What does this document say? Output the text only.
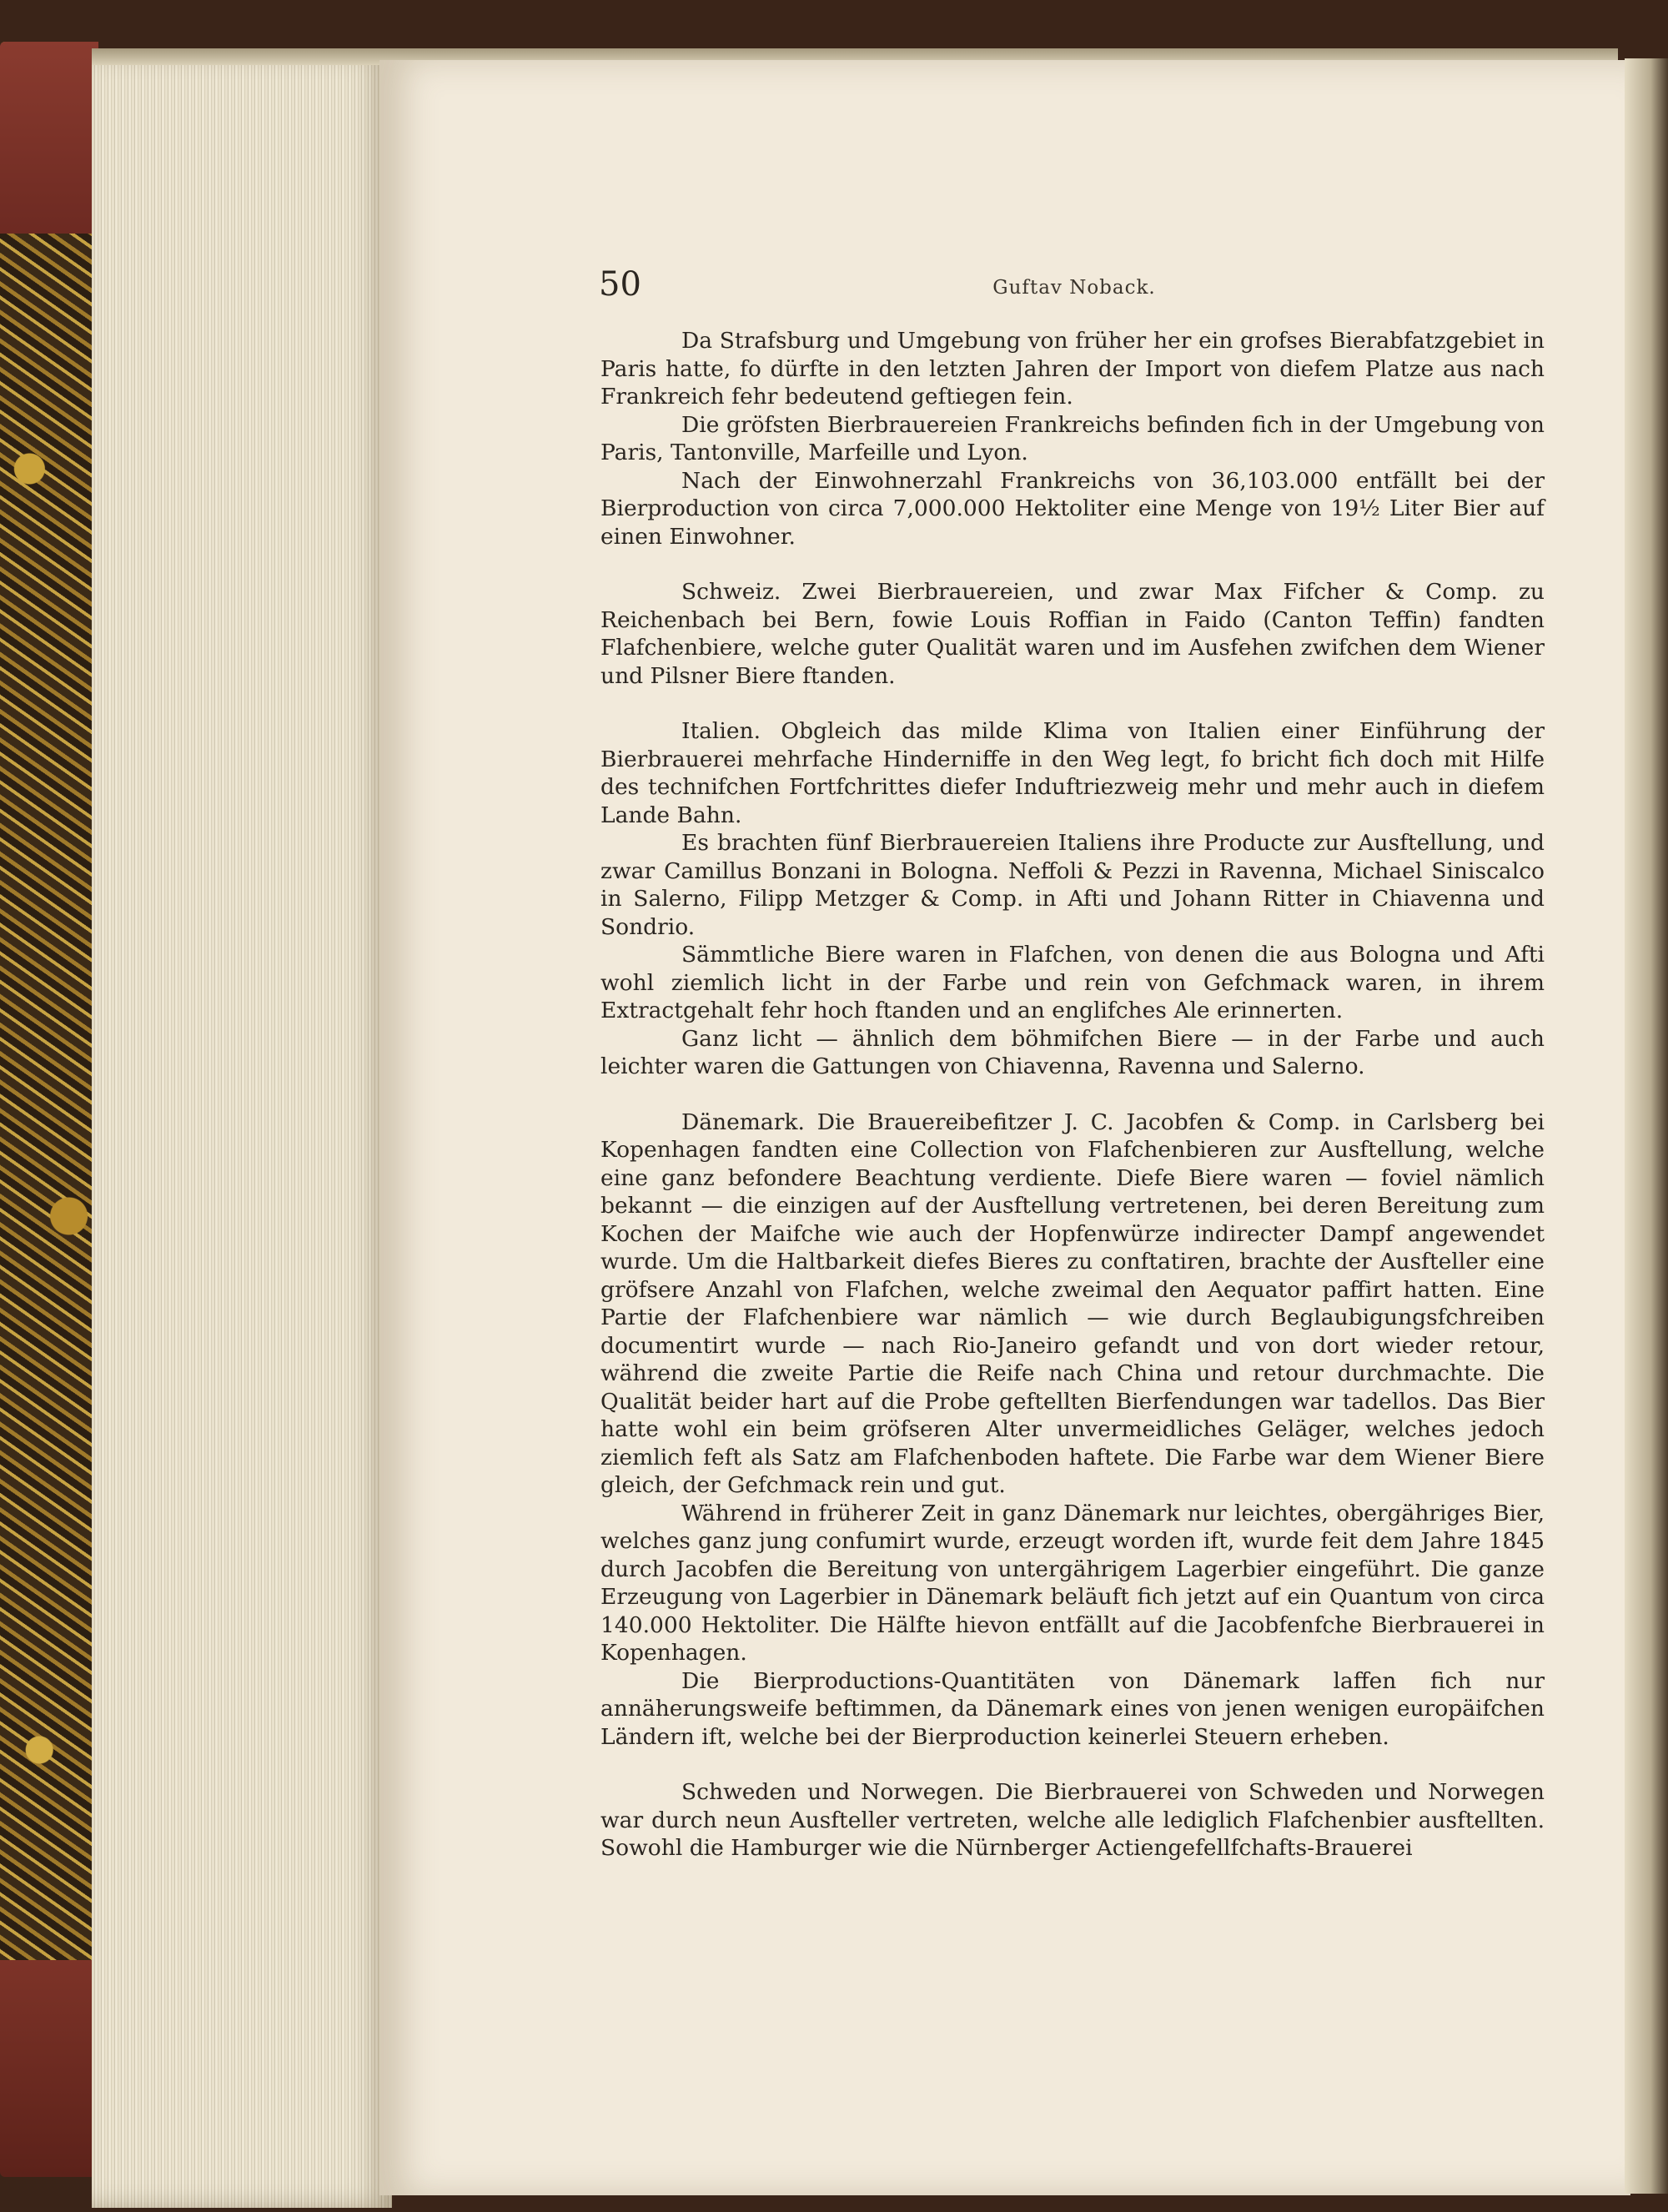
50	Guftav Noback.

Da Strafsburg und Umgebung von früher her ein grofses Bierabfatzgebiet in Paris hatte, fo dürfte in den letzten Jahren der Import von diefem Platze aus nach Frankreich fehr bedeutend geftiegen fein.

Die gröfsten Bierbrauereien Frankreichs befinden fich in der Umgebung von Paris, Tantonville, Marfeille und Lyon.

Nach der Einwohnerzahl Frankreichs von 36,103.000 entfällt bei der Bierproduction von circa 7,000.000 Hektoliter eine Menge von 19½ Liter Bier auf einen Einwohner.

Schweiz. Zwei Bierbrauereien, und zwar Max Fifcher & Comp. zu Reichenbach bei Bern, fowie Louis Roffian in Faido (Canton Teffin) fandten Flafchenbiere, welche guter Qualität waren und im Ausfehen zwifchen dem Wiener und Pilsner Biere ftanden.

Italien. Obgleich das milde Klima von Italien einer Einführung der Bierbrauerei mehrfache Hinderniffe in den Weg legt, fo bricht fich doch mit Hilfe des technifchen Fortfchrittes diefer Induftriezweig mehr und mehr auch in diefem Lande Bahn.

Es brachten fünf Bierbrauereien Italiens ihre Producte zur Ausftellung, und zwar Camillus Bonzani in Bologna. Neffoli & Pezzi in Ravenna, Michael Siniscalco in Salerno, Filipp Metzger & Comp. in Afti und Johann Ritter in Chiavenna und Sondrio.

Sämmtliche Biere waren in Flafchen, von denen die aus Bologna und Afti wohl ziemlich licht in der Farbe und rein von Gefchmack waren, in ihrem Extractgehalt fehr hoch ftanden und an englifches Ale erinnerten.

Ganz licht — ähnlich dem böhmifchen Biere — in der Farbe und auch leichter waren die Gattungen von Chiavenna, Ravenna und Salerno.

Dänemark. Die Brauereibefitzer J. C. Jacobfen & Comp. in Carlsberg bei Kopenhagen fandten eine Collection von Flafchenbieren zur Ausftellung, welche eine ganz befondere Beachtung verdiente. Diefe Biere waren — foviel nämlich bekannt — die einzigen auf der Ausftellung vertretenen, bei deren Bereitung zum Kochen der Maifche wie auch der Hopfenwürze indirecter Dampf angewendet wurde. Um die Haltbarkeit diefes Bieres zu conftatiren, brachte der Ausfteller eine gröfsere Anzahl von Flafchen, welche zweimal den Aequator paffirt hatten. Eine Partie der Flafchenbiere war nämlich — wie durch Beglaubigungsfchreiben documentirt wurde — nach Rio-Janeiro gefandt und von dort wieder retour, während die zweite Partie die Reife nach China und retour durchmachte. Die Qualität beider hart auf die Probe geftellten Bierfendungen war tadellos. Das Bier hatte wohl ein beim gröfseren Alter unvermeidliches Geläger, welches jedoch ziemlich feft als Satz am Flafchenboden haftete. Die Farbe war dem Wiener Biere gleich, der Gefchmack rein und gut.

Während in früherer Zeit in ganz Dänemark nur leichtes, obergähriges Bier, welches ganz jung confumirt wurde, erzeugt worden ift, wurde feit dem Jahre 1845 durch Jacobfen die Bereitung von untergährigem Lagerbier eingeführt. Die ganze Erzeugung von Lagerbier in Dänemark beläuft fich jetzt auf ein Quantum von circa 140.000 Hektoliter. Die Hälfte hievon entfällt auf die Jacobfenfche Bierbrauerei in Kopenhagen.

Die Bierproductions-Quantitäten von Dänemark laffen fich nur annäherungsweife beftimmen, da Dänemark eines von jenen wenigen europäifchen Ländern ift, welche bei der Bierproduction keinerlei Steuern erheben.

Schweden und Norwegen. Die Bierbrauerei von Schweden und Norwegen war durch neun Ausfteller vertreten, welche alle lediglich Flafchenbier ausftellten. Sowohl die Hamburger wie die Nürnberger Actiengefellfchafts-Brauerei
